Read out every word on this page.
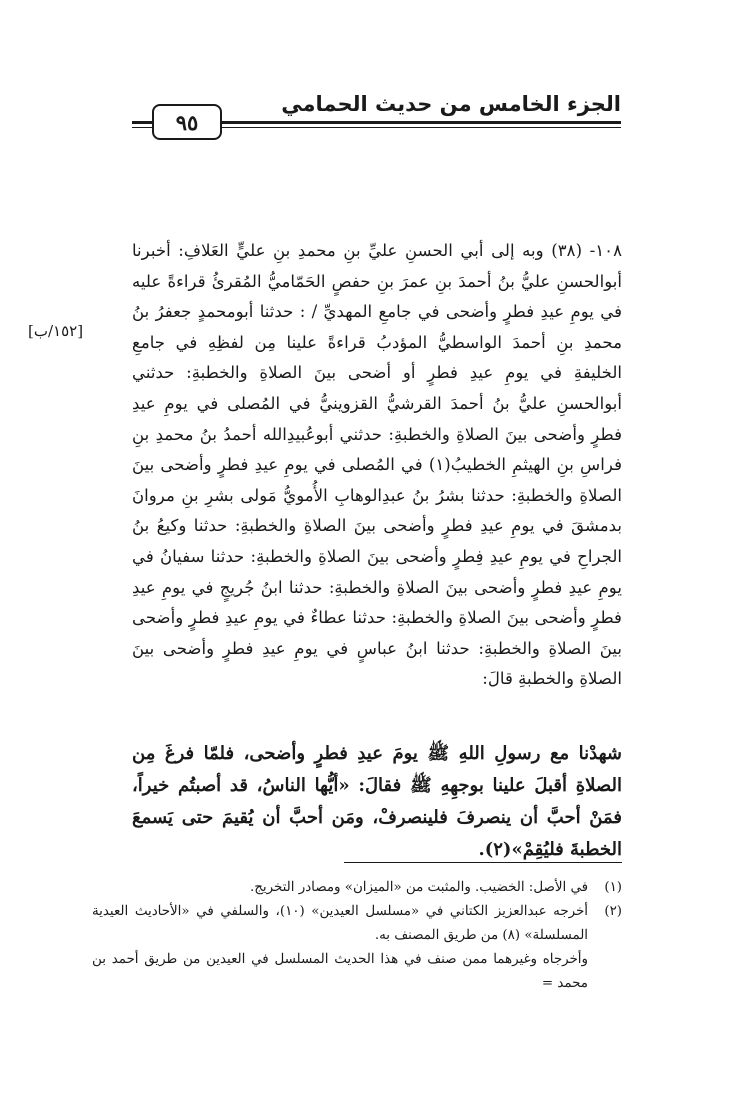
الجزء الخامس من حديث الحمامي
٩٥
[١٥٢/ب]

١٠٨- (٣٨) وبه إلى أبي الحسنِ عليِّ بنِ محمدِ بنِ عليٍّ العَلافِ: أخبرنا أبوالحسنِ عليُّ بنُ أحمدَ بنِ عمرَ بنِ حفصٍ الحَمّاميُّ المُقرئُ قراءةً عليه في يومِ عيدِ فطرٍ وأضحى في جامعِ المهديِّ / : حدثنا أبومحمدٍ جعفرُ بنُ محمدِ بنِ أحمدَ الواسطيُّ المؤدبُ قراءةً علينا مِن لفظِهِ في جامعِ الخليفةِ في يومِ عيدِ فطرٍ أو أضحى بينَ الصلاةِ والخطبةِ: حدثني أبوالحسنِ عليُّ بنُ أحمدَ القرشيُّ القزوينيُّ في المُصلى في يومِ عيدِ فطرٍ وأضحى بينَ الصلاةِ والخطبةِ: حدثني أبوعُبيدِالله أحمدُ بنُ محمدِ بنِ فراسِ بنِ الهيثمِ الخطيبُ(١) في المُصلى في يومِ عيدِ فطرٍ وأضحى بينَ الصلاةِ والخطبةِ: حدثنا بشرُ بنُ عبدِالوهابِ الأُمويُّ مَولى بشرِ بنِ مروانَ بدمشقَ في يومِ عيدِ فطرٍ وأضحى بينَ الصلاةِ والخطبةِ: حدثنا وكيعُ بنُ الجراحِ في يومِ عيدِ فِطرٍ وأضحى بينَ الصلاةِ والخطبةِ: حدثنا سفيانُ في يومِ عيدِ فطرٍ وأضحى بينَ الصلاةِ والخطبةِ: حدثنا ابنُ جُريجٍ في يومِ عيدِ فطرٍ وأضحى بينَ الصلاةِ والخطبةِ: حدثنا عطاءٌ في يومِ عيدِ فطرٍ وأضحى بينَ الصلاةِ والخطبةِ: حدثنا ابنُ عباسٍ في يومِ عيدِ فطرٍ وأضحى بينَ الصلاةِ والخطبةِ قالَ:

شهدْنا مع رسولِ اللهِ ﷺ يومَ عيدِ فطرٍ وأضحى، فلمّا فرغَ مِن الصلاةِ أقبلَ علينا بوجهِهِ ﷺ فقالَ: «أيُّها الناسُ، قد أصبتُم خيراً، فمَنْ أحبَّ أن ينصرفَ فلينصرفْ، ومَن أحبَّ أن يُقيمَ حتى يَسمعَ الخطبةَ فليُقِمْ»(٢).

(١)
في الأصل: الخضيب. والمثبت من «الميزان» ومصادر التخريج.
(٢)
أخرجه عبدالعزيز الكتاني في «مسلسل العيدين» (١٠)، والسلفي في «الأحاديث العيدية المسلسلة» (٨) من طريق المصنف به.

وأخرجاه وغيرهما ممن صنف في هذا الحديث المسلسل في العيدين من طريق أحمد بن محمد =
